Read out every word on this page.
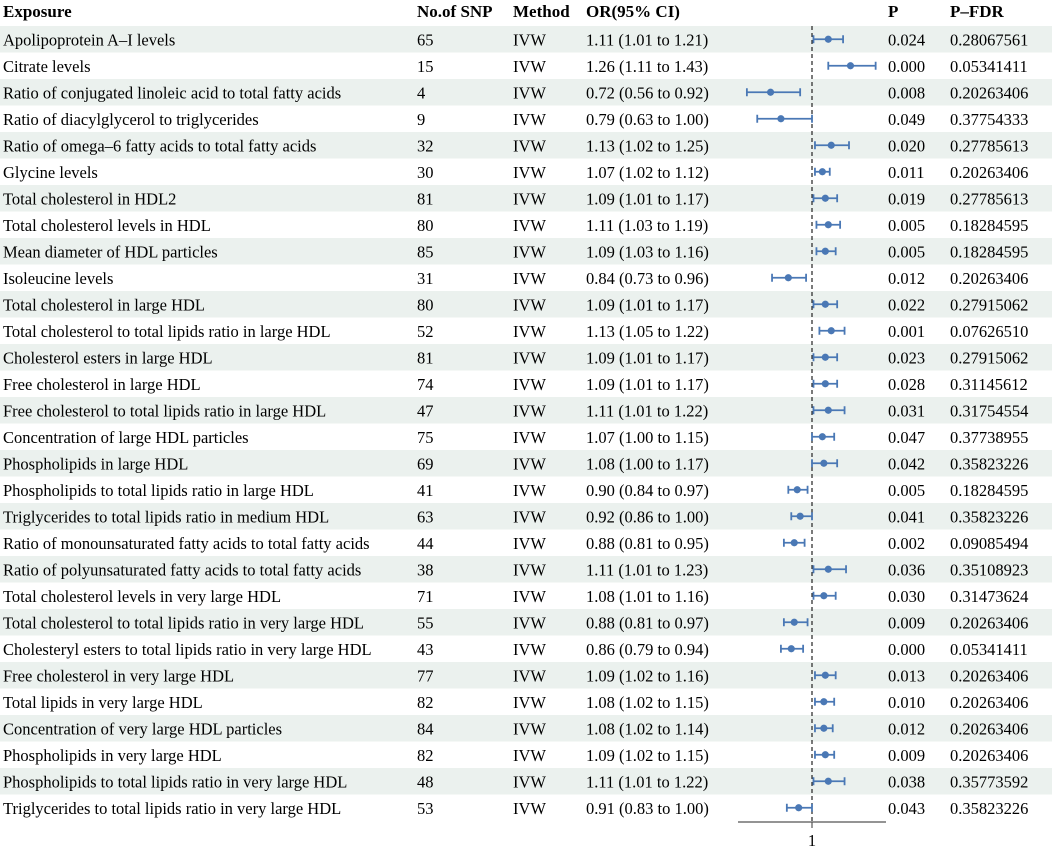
Exposure	No.of SNP Method OR(95% CI)	P	P–FDR
Apolipoprotein A–I levels	65	IVW 1.11 (1.01 to 1.21)	0.024 0.28067561
Citrate levels	15	IVW 1.26 (1.11 to 1.43)	0.000 0.05341411
Ratio of conjugated linoleic acid to total fatty acids	4	IVW 0.72 (0.56 to 0.92)	0.008 0.20263406
Ratio of diacylglycerol to triglycerides	9	IVW 0.79 (0.63 to 1.00)	0.049 0.37754333
Ratio of omega–6 fatty acids to total fatty acids	32	IVW 1.13 (1.02 to 1.25)	0.020 0.27785613
Glycine levels	30	IVW 1.07 (1.02 to 1.12)	0.011 0.20263406
Total cholesterol in HDL2	81	IVW 1.09 (1.01 to 1.17)	0.019 0.27785613
Total cholesterol levels in HDL	80	IVW 1.11 (1.03 to 1.19)	0.005 0.18284595
Mean diameter of HDL particles	85	IVW 1.09 (1.03 to 1.16)	0.005 0.18284595
Isoleucine levels	31	IVW 0.84 (0.73 to 0.96)	0.012 0.20263406
Total cholesterol in large HDL	80	IVW 1.09 (1.01 to 1.17)	0.022 0.27915062
Total cholesterol to total lipids ratio in large HDL	52	IVW 1.13 (1.05 to 1.22)	0.001 0.07626510
Cholesterol esters in large HDL	81	IVW 1.09 (1.01 to 1.17)	0.023 0.27915062
Free cholesterol in large HDL	74	IVW 1.09 (1.01 to 1.17)	0.028 0.31145612
Free cholesterol to total lipids ratio in large HDL	47	IVW 1.11 (1.01 to 1.22)	0.031 0.31754554
Concentration of large HDL particles	75	IVW 1.07 (1.00 to 1.15)	0.047 0.37738955
Phospholipids in large HDL	69	IVW 1.08 (1.00 to 1.17)	0.042 0.35823226
Phospholipids to total lipids ratio in large HDL	41	IVW 0.90 (0.84 to 0.97)	0.005 0.18284595
Triglycerides to total lipids ratio in medium HDL	63	IVW 0.92 (0.86 to 1.00)	0.041 0.35823226
Ratio of monounsaturated fatty acids to total fatty acids	44	IVW 0.88 (0.81 to 0.95)	0.002 0.09085494
Ratio of polyunsaturated fatty acids to total fatty acids	38	IVW 1.11 (1.01 to 1.23)	0.036 0.35108923
Total cholesterol levels in very large HDL	71	IVW 1.08 (1.01 to 1.16)	0.030 0.31473624
Total cholesterol to total lipids ratio in very large HDL	55	IVW 0.88 (0.81 to 0.97)	0.009 0.20263406
Cholesteryl esters to total lipids ratio in very large HDL	43	IVW 0.86 (0.79 to 0.94)	0.000 0.05341411
Free cholesterol in very large HDL	77	IVW 1.09 (1.02 to 1.16)	0.013 0.20263406
Total lipids in very large HDL	82	IVW 1.08 (1.02 to 1.15)	0.010 0.20263406
Concentration of very large HDL particles	84	IVW 1.08 (1.02 to 1.14)	0.012 0.20263406
Phospholipids in very large HDL	82	IVW 1.09 (1.02 to 1.15)	0.009 0.20263406
Phospholipids to total lipids ratio in very large HDL	48	IVW 1.11 (1.01 to 1.22)	0.038 0.35773592
Triglycerides to total lipids ratio in very large HDL	53	IVW 0.91 (0.83 to 1.00)	0.043 0.35823226
1
